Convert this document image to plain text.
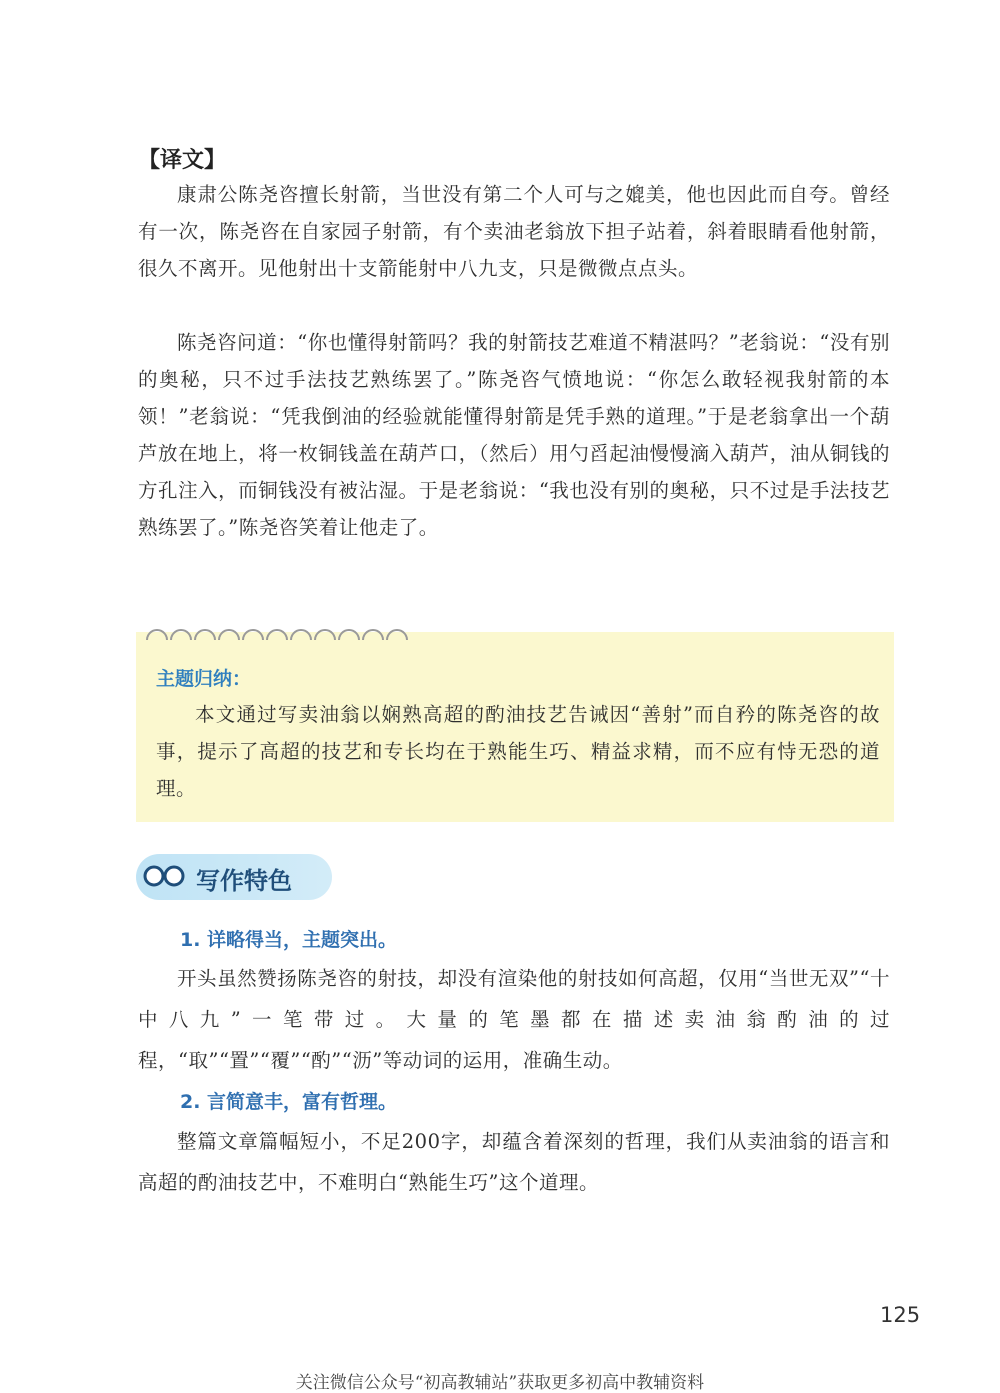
【译文】

康肃公陈尧咨擅长射箭，当世没有第二个人可与之媲美，他也因此而自夸。曾经有一次，陈尧咨在自家园子射箭，有个卖油老翁放下担子站着，斜着眼睛看他射箭，很久不离开。见他射出十支箭能射中八九支，只是微微点点头。

陈尧咨问道：“你也懂得射箭吗？我的射箭技艺难道不精湛吗？”老翁说：“没有别的奥秘，只不过手法技艺熟练罢了。”陈尧咨气愤地说：“你怎么敢轻视我射箭的本领！”老翁说：“凭我倒油的经验就能懂得射箭是凭手熟的道理。”于是老翁拿出一个葫芦放在地上，将一枚铜钱盖在葫芦口，（然后）用勺舀起油慢慢滴入葫芦，油从铜钱的方孔注入，而铜钱没有被沾湿。于是老翁说：“我也没有别的奥秘，只不过是手法技艺熟练罢了。”陈尧咨笑着让他走了。

主题归纳：

本文通过写卖油翁以娴熟高超的酌油技艺告诫因“善射”而自矜的陈尧咨的故事，提示了高超的技艺和专长均在于熟能生巧、精益求精，而不应有恃无恐的道理。

写作特色
1. 详略得当，主题突出。

开头虽然赞扬陈尧咨的射技，却没有渲染他的射技如何高超，仅用“当世无双”“十中八九”一笔带过。大量的笔墨都在描述卖油翁酌油的过程，“取”“置”“覆”“酌”“沥”等动词的运用，准确生动。

2. 言简意丰，富有哲理。

整篇文章篇幅短小，不足200字，却蕴含着深刻的哲理，我们从卖油翁的语言和高超的酌油技艺中，不难明白“熟能生巧”这个道理。

125
关注微信公众号“初高教辅站”获取更多初高中教辅资料
